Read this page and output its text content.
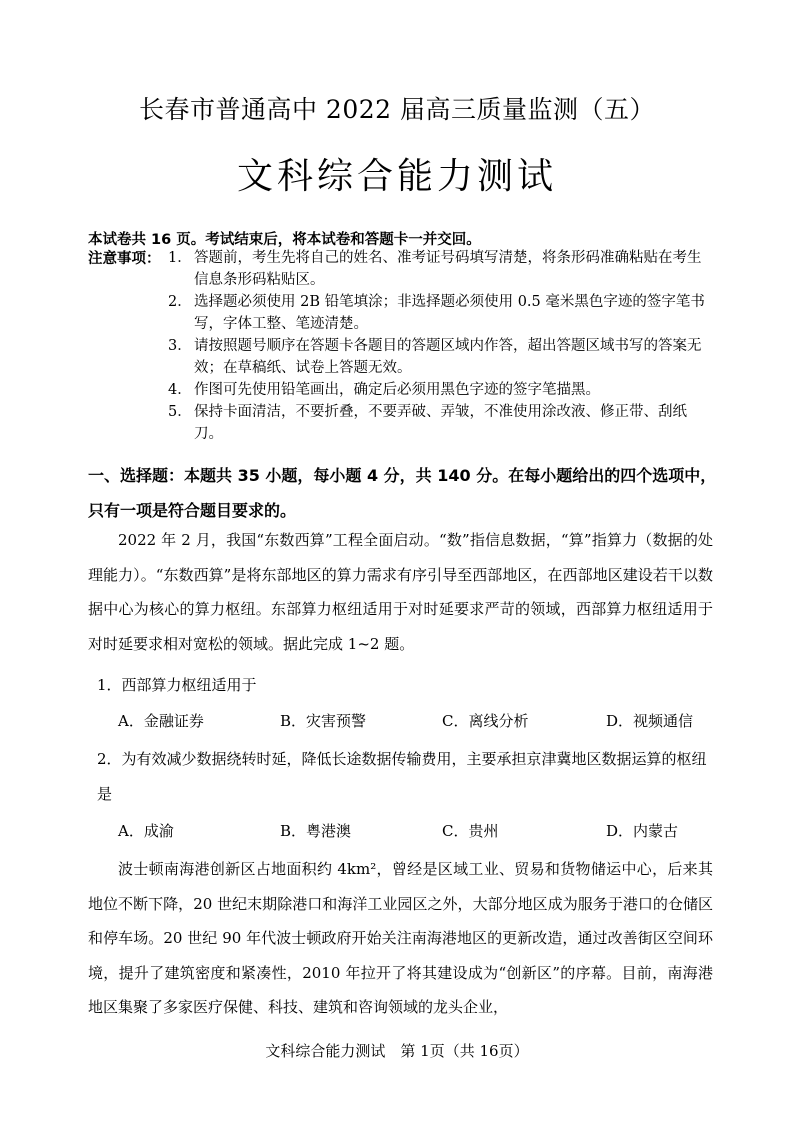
长春市普通高中 2022 届高三质量监测（五）
文科综合能力测试
本试卷共 16 页。考试结束后，将本试卷和答题卡一并交回。
注意事项： 1． 答题前，考生先将自己的姓名、准考证号码填写清楚，将条形码准确粘贴在考生信息条形码粘贴区。
2． 选择题必须使用 2B 铅笔填涂；非选择题必须使用 0.5 毫米黑色字迹的签字笔书写，字体工整、笔迹清楚。
3． 请按照题号顺序在答题卡各题目的答题区域内作答，超出答题区域书写的答案无效；在草稿纸、试卷上答题无效。
4． 作图可先使用铅笔画出，确定后必须用黑色字迹的签字笔描黑。
5． 保持卡面清洁，不要折叠，不要弄破、弄皱，不准使用涂改液、修正带、刮纸刀。
一、选择题：本题共 35 小题，每小题 4 分，共 140 分。在每小题给出的四个选项中，只有一项是符合题目要求的。
2022 年 2 月，我国“东数西算”工程全面启动。“数”指信息数据，“算”指算力（数据的处理能力）。“东数西算”是将东部地区的算力需求有序引导至西部地区，在西部地区建设若干以数据中心为核心的算力枢纽。东部算力枢纽适用于对时延要求严苛的领域，西部算力枢纽适用于对时延要求相对宽松的领域。据此完成 1~2 题。
1．西部算力枢纽适用于
A．金融证券	B．灾害预警	C．离线分析	D．视频通信
2．为有效减少数据绕转时延，降低长途数据传输费用，主要承担京津冀地区数据运算的枢纽是
A．成渝	B．粤港澳	C．贵州	D．内蒙古
波士顿南海港创新区占地面积约 4km²，曾经是区域工业、贸易和货物储运中心，后来其地位不断下降，20 世纪末期除港口和海洋工业园区之外，大部分地区成为服务于港口的仓储区和停车场。20 世纪 90 年代波士顿政府开始关注南海港地区的更新改造，通过改善街区空间环境，提升了建筑密度和紧凑性，2010 年拉开了将其建设成为“创新区”的序幕。目前，南海港地区集聚了多家医疗保健、科技、建筑和咨询领域的龙头企业，
文科综合能力测试　第 1页（共 16页）
